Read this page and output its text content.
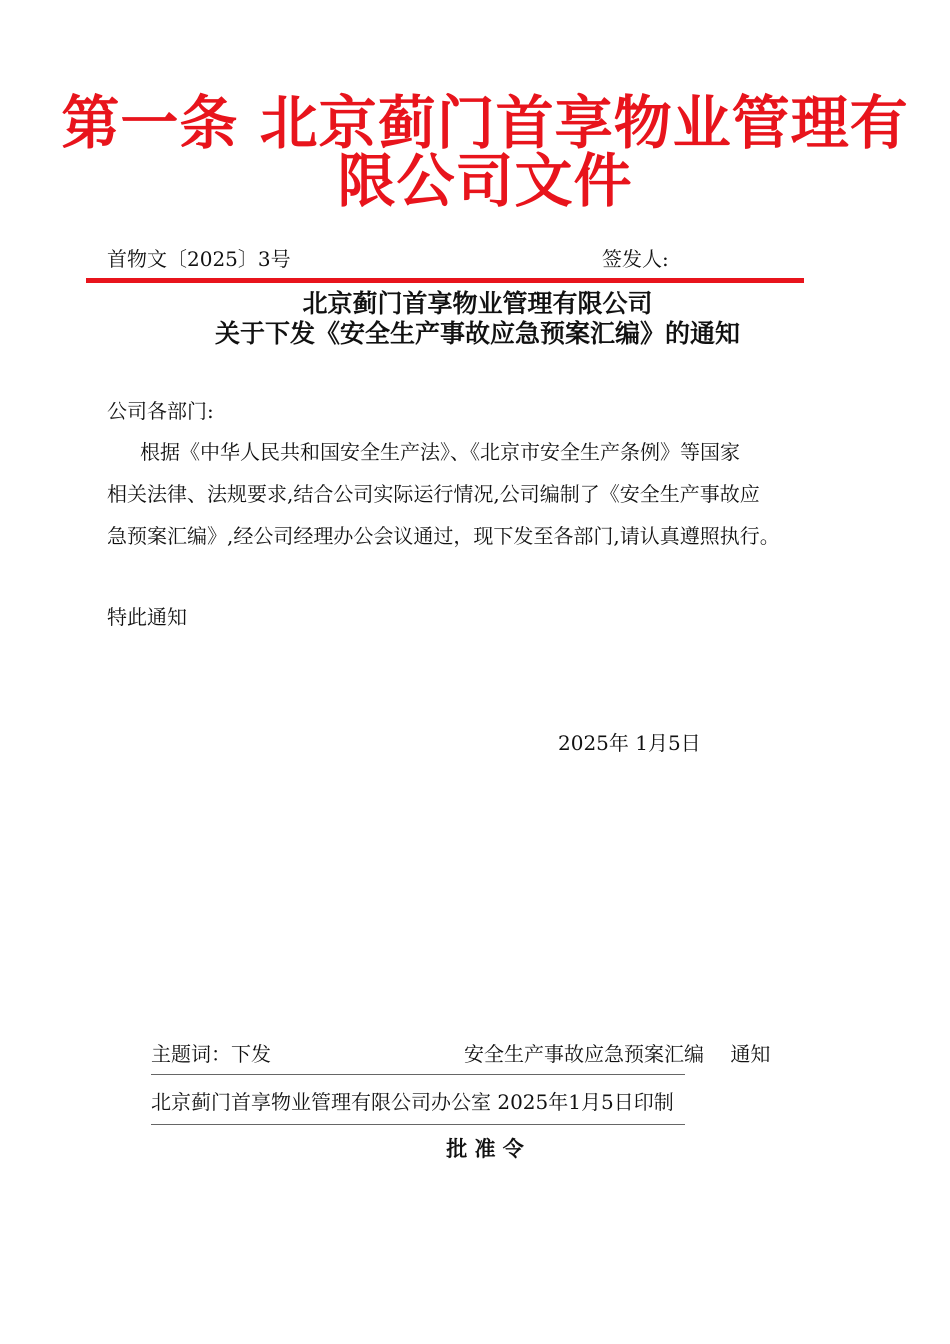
第一条 北京蓟门首享物业管理有
限公司文件
首物文〔2025〕3号	签发人:
北京蓟门首享物业管理有限公司
关于下发《安全生产事故应急预案汇编》的通知
公司各部门:
根据《中华人民共和国安全生产法》、《北京市安全生产条例》等国家
相关法律、法规要求,结合公司实际运行情况,公司编制了《安全生产事故应
急预案汇编》,经公司经理办公会议通过，现下发至各部门,请认真遵照执行。
特此通知
2025年 1月5日
主题词：下发	安全生产事故应急预案汇编 通知
北京蓟门首享物业管理有限公司办公室 2025年1月5日印制
批 准 令
